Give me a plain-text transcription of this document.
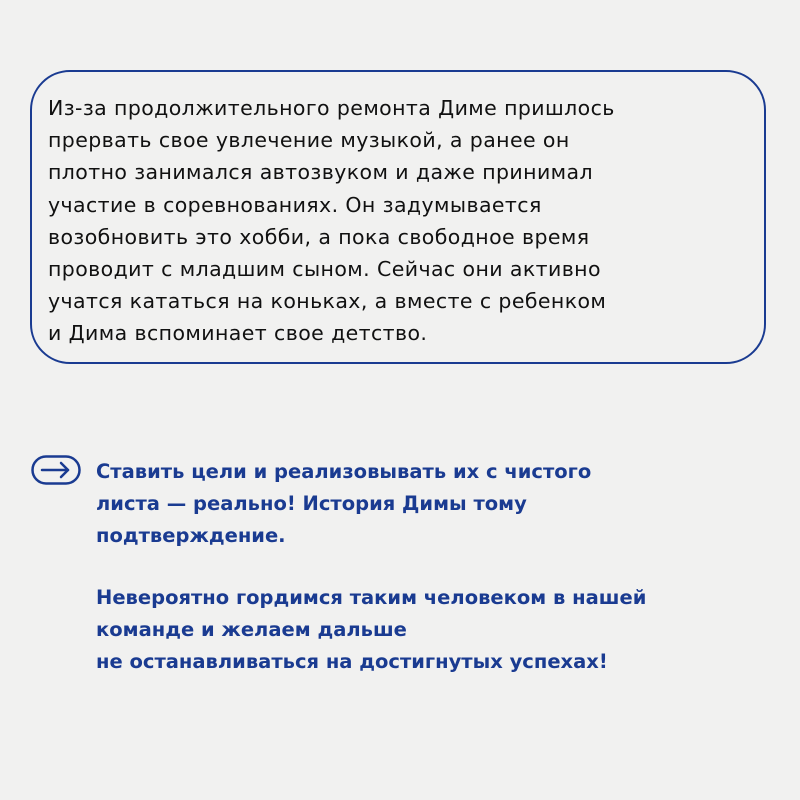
Из-за продолжительного ремонта Диме пришлось
прервать свое увлечение музыкой, а ранее он
плотно занимался автозвуком и даже принимал
участие в соревнованиях. Он задумывается
возобновить это хобби, а пока свободное время
проводит с младшим сыном. Сейчас они активно
учатся кататься на коньках, а вместе с ребенком
и Дима вспоминает свое детство.

Ставить цели и реализовывать их с чистого
листа — реально! История Димы тому
подтверждение.

Невероятно гордимся таким человеком в нашей
команде и желаем дальше
не останавливаться на достигнутых успехах!
